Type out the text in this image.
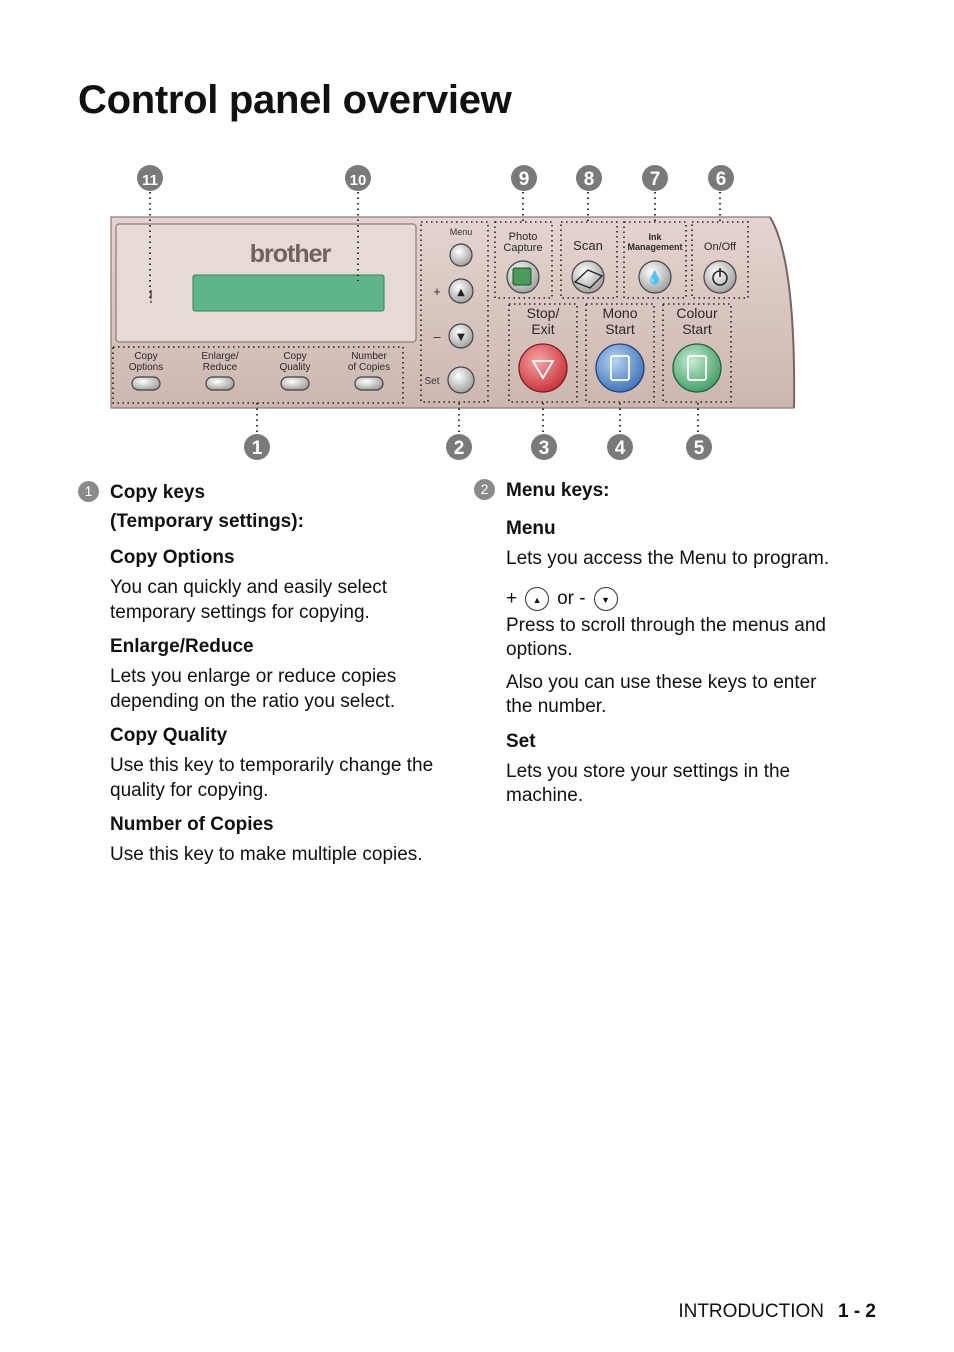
Control panel overview
brother
!
Copy Options
Enlarge/ Reduce
Copy Quality
Number of Copies
Menu
+ ▲
– ▼
Set
Photo Capture Scan
Ink Management On/Off
💧
Stop/ Exit
Mono Start
Colour Start
11	10	9	8	7	6
1	2	3	4	5
1 Copy keys
(Temporary settings):
Copy Options
You can quickly and easily select temporary settings for copying.
Enlarge/Reduce
Lets you enlarge or reduce copies depending on the ratio you select.
Copy Quality
Use this key to temporarily change the quality for copying.
Number of Copies
Use this key to make multiple copies.
2 Menu keys:
Menu
Lets you access the Menu to program.
+	▲ or -	▼
Press to scroll through the menus and options.
Also you can use these keys to enter the number.
Set
Lets you store your settings in the machine.
INTRODUCTION 1 - 2
